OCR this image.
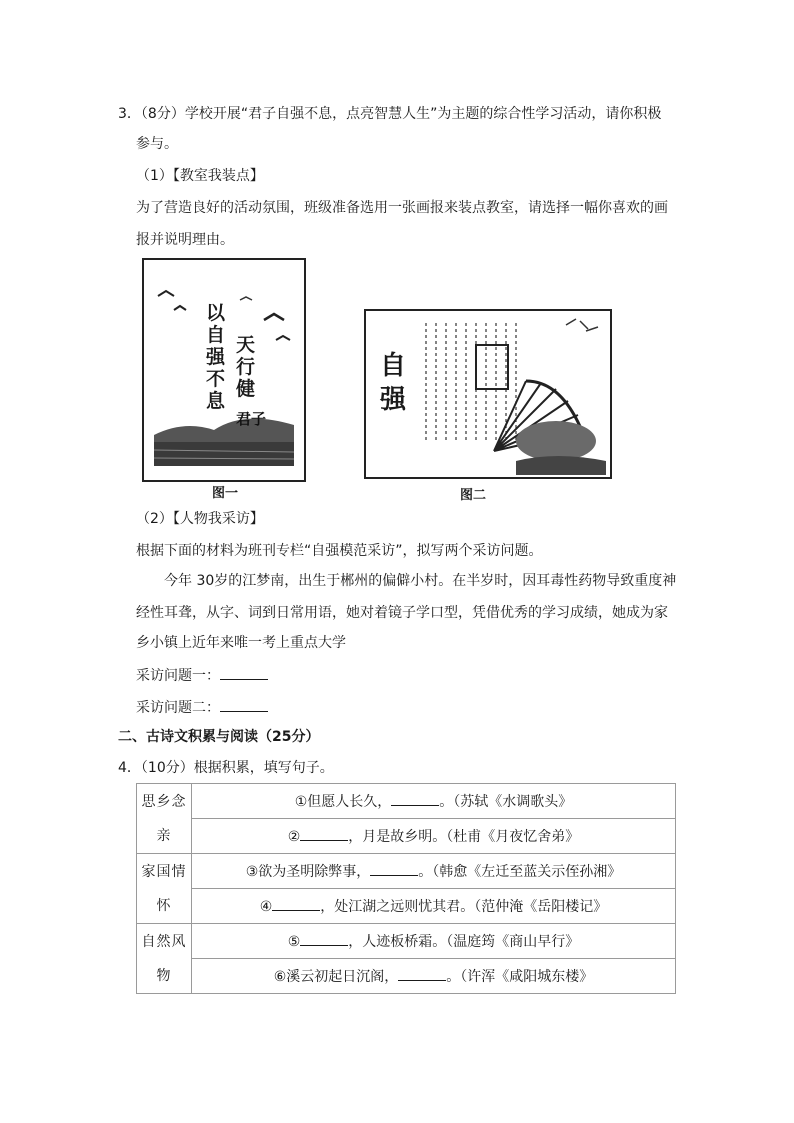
3．（8分）学校开展“君子自强不息，点亮智慧人生”为主题的综合性学习活动，请你积极
参与。
（1）【教室我装点】
为了营造良好的活动氛围，班级准备选用一张画报来装点教室，请选择一幅你喜欢的画
报并说明理由。
以自强不息
天行健
君子
图一
自强
图二
（2）【人物我采访】
根据下面的材料为班刊专栏“自强模范采访”，拟写两个采访问题。
今年 30岁的江梦南，出生于郴州的偏僻小村。在半岁时，因耳毒性药物导致重度神
经性耳聋，从字、词到日常用语，她对着镜子学口型，凭借优秀的学习成绩，她成为家
乡小镇上近年来唯一考上重点大学
采访问题一：
采访问题二：
二、古诗文积累与阅读（25分）
4．（10分）根据积累，填写句子。
思乡念亲	①但愿人长久， 。（苏轼《水调歌头》
	② ，月是故乡明。（杜甫《月夜忆舍弟》
家国情怀	③欲为圣明除弊事， 。（韩愈《左迁至蓝关示侄孙湘》
	④ ，处江湖之远则忧其君。（范仲淹《岳阳楼记》
自然风物	⑤ ，人迹板桥霜。（温庭筠《商山早行》
	⑥溪云初起日沉阁， 。（许浑《咸阳城东楼》
